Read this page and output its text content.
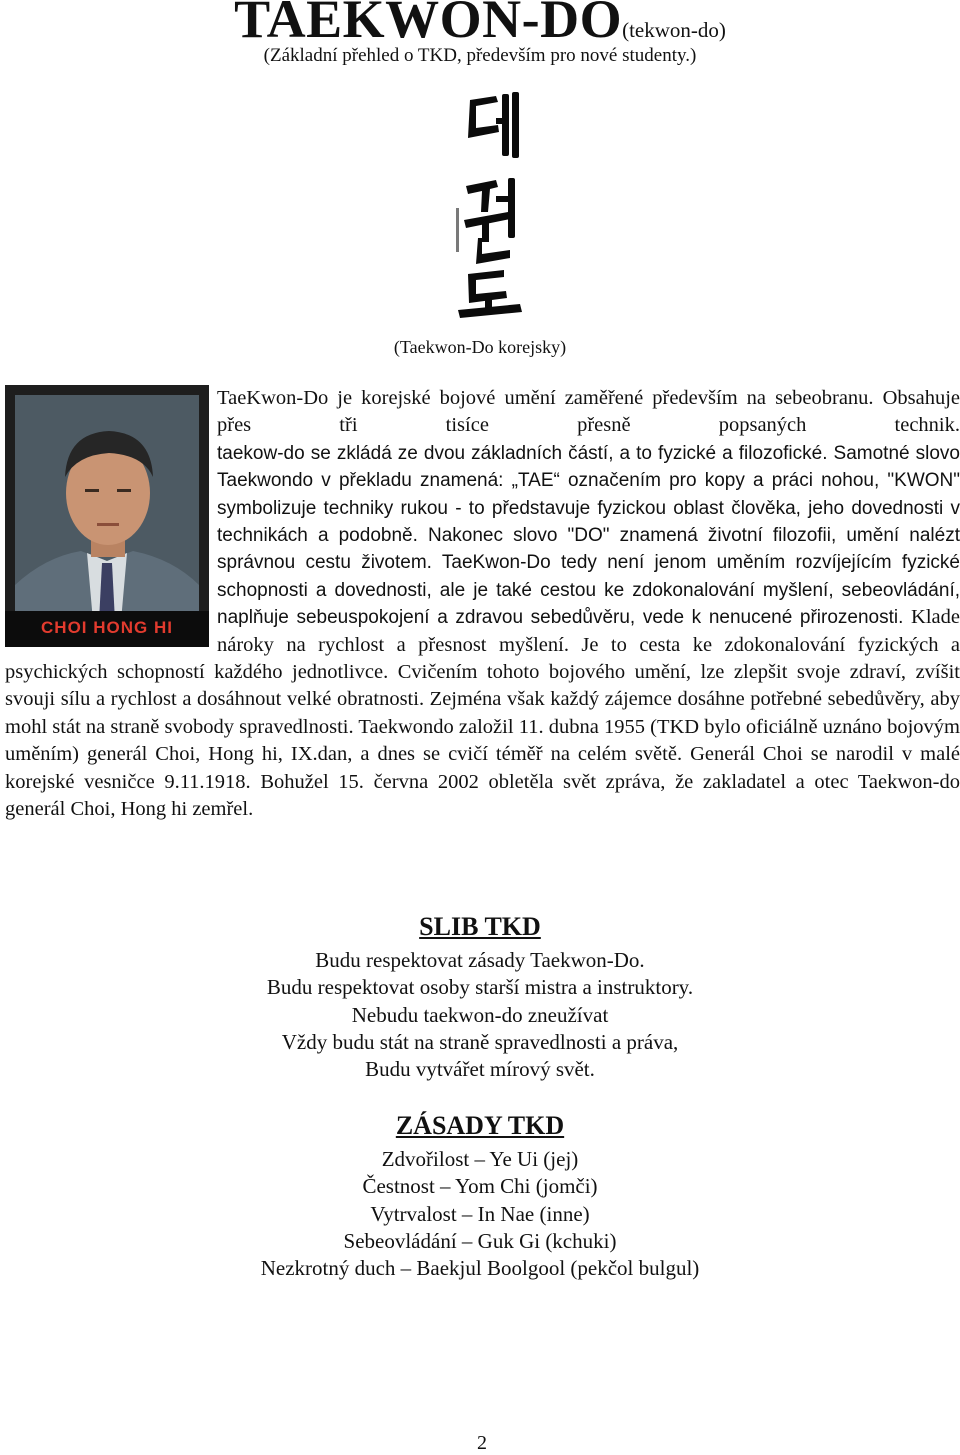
TAEKWON-DO(tekwon-do)
(Základní přehled o TKD, především pro nové studenty.)
(Taekwon-Do korejsky)
TaeKwon-Do je korejské bojové umění zaměřené především na sebeobranu. Obsahuje přes tři tisíce přesně popsaných technik.
taekow-do se zkládá ze dvou základních částí, a to fyzické a filozofické. Samotné slovo Taekwondo v překladu znamená: „TAE“ označením pro kopy a práci nohou, "KWON" symbolizuje techniky rukou - to představuje fyzickou oblast člověka, jeho dovednosti v technikách a podobně. Nakonec slovo "DO" znamená životní filozofii, umění nalézt správnou cestu životem. TaeKwon-Do tedy není jenom uměním rozvíjejícím fyzické schopnosti a dovednosti, ale je také cestou ke zdokonalování myšlení, sebeovládání, naplňuje sebeuspokojení a zdravou sebedůvěru, vede k nenucené přirozenosti. Klade nároky na rychlost a přesnost myšlení. Je to cesta ke zdokonalování fyzických a psychických schopností každého jednotlivce. Cvičením tohoto bojového umění, lze zlepšit svoje zdraví, zvíšit svouji sílu a rychlost a dosáhnout velké obratnosti. Zejména však každý zájemce dosáhne potřebné sebedůvěry, aby mohl stát na straně svobody spravedlnosti. Taekwondo založil 11. dubna 1955 (TKD bylo oficiálně uznáno bojovým uměním) generál Choi, Hong hi, IX.dan, a dnes se cvičí téměř na celém světě. Generál Choi se narodil v malé korejské vesničce 9.11.1918. Bohužel 15. června 2002 obletěla svět zpráva, že zakladatel a otec Taekwon-do generál Choi, Hong hi zemřel.
CHOI HONG HI
SLIB TKD
Budu respektovat zásady Taekwon-Do.
Budu respektovat osoby starší mistra a instruktory.
Nebudu taekwon-do zneužívat
Vždy budu stát na straně spravedlnosti a práva,
Budu vytvářet mírový svět.
ZÁSADY TKD
Zdvořilost – Ye Ui (jej)
Čestnost – Yom Chi (jomči)
Vytrvalost – In Nae (inne)
Sebeovládání – Guk Gi (kchuki)
Nezkrotný duch – Baekjul Boolgool (pekčol bulgul)
2
